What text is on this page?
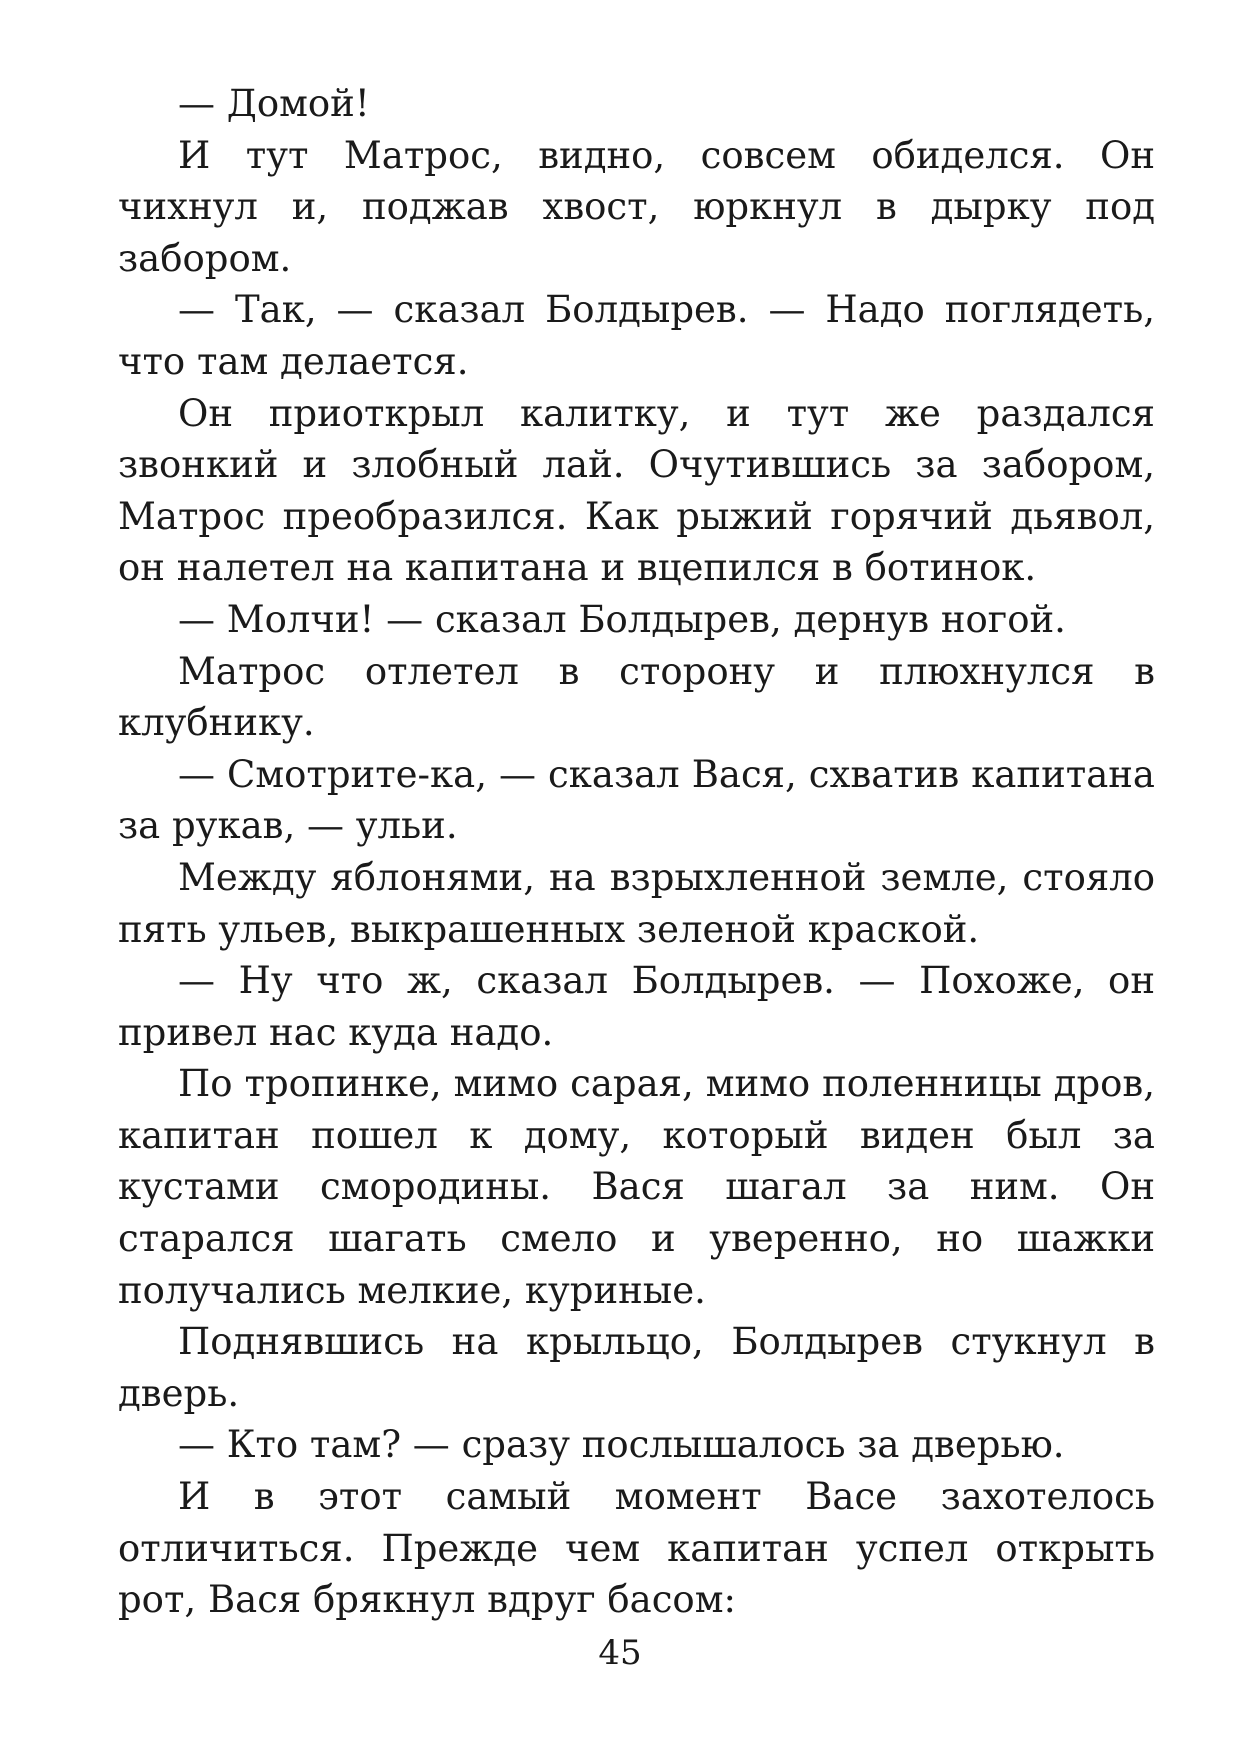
— Домой!

И тут Матрос, видно, совсем обиделся. Он чихнул и, поджав хвост, юркнул в дырку под забором.

— Так, — сказал Болдырев. — Надо поглядеть, что там делается.

Он приоткрыл калитку, и тут же раздался звонкий и злобный лай. Очутившись за забором, Матрос преобразился. Как рыжий горячий дьявол, он налетел на капитана и вцепился в ботинок.

— Молчи! — сказал Болдырев, дернув ногой.

Матрос отлетел в сторону и плюхнулся в клубнику.

— Смотрите-ка, — сказал Вася, схватив капитана за рукав, — ульи.

Между яблонями, на взрыхленной земле, стояло пять ульев, выкрашенных зеленой краской.

— Ну что ж, сказал Болдырев. — Похоже, он привел нас куда надо.

По тропинке, мимо сарая, мимо поленницы дров, капитан пошел к дому, который виден был за кустами смородины. Вася шагал за ним. Он старался шагать смело и уверенно, но шажки получались мелкие, куриные.

Поднявшись на крыльцо, Болдырев стукнул в дверь.

— Кто там? — сразу послышалось за дверью.

И в этот самый момент Васе захотелось отличиться. Прежде чем капитан успел открыть рот, Вася брякнул вдруг басом:

45
